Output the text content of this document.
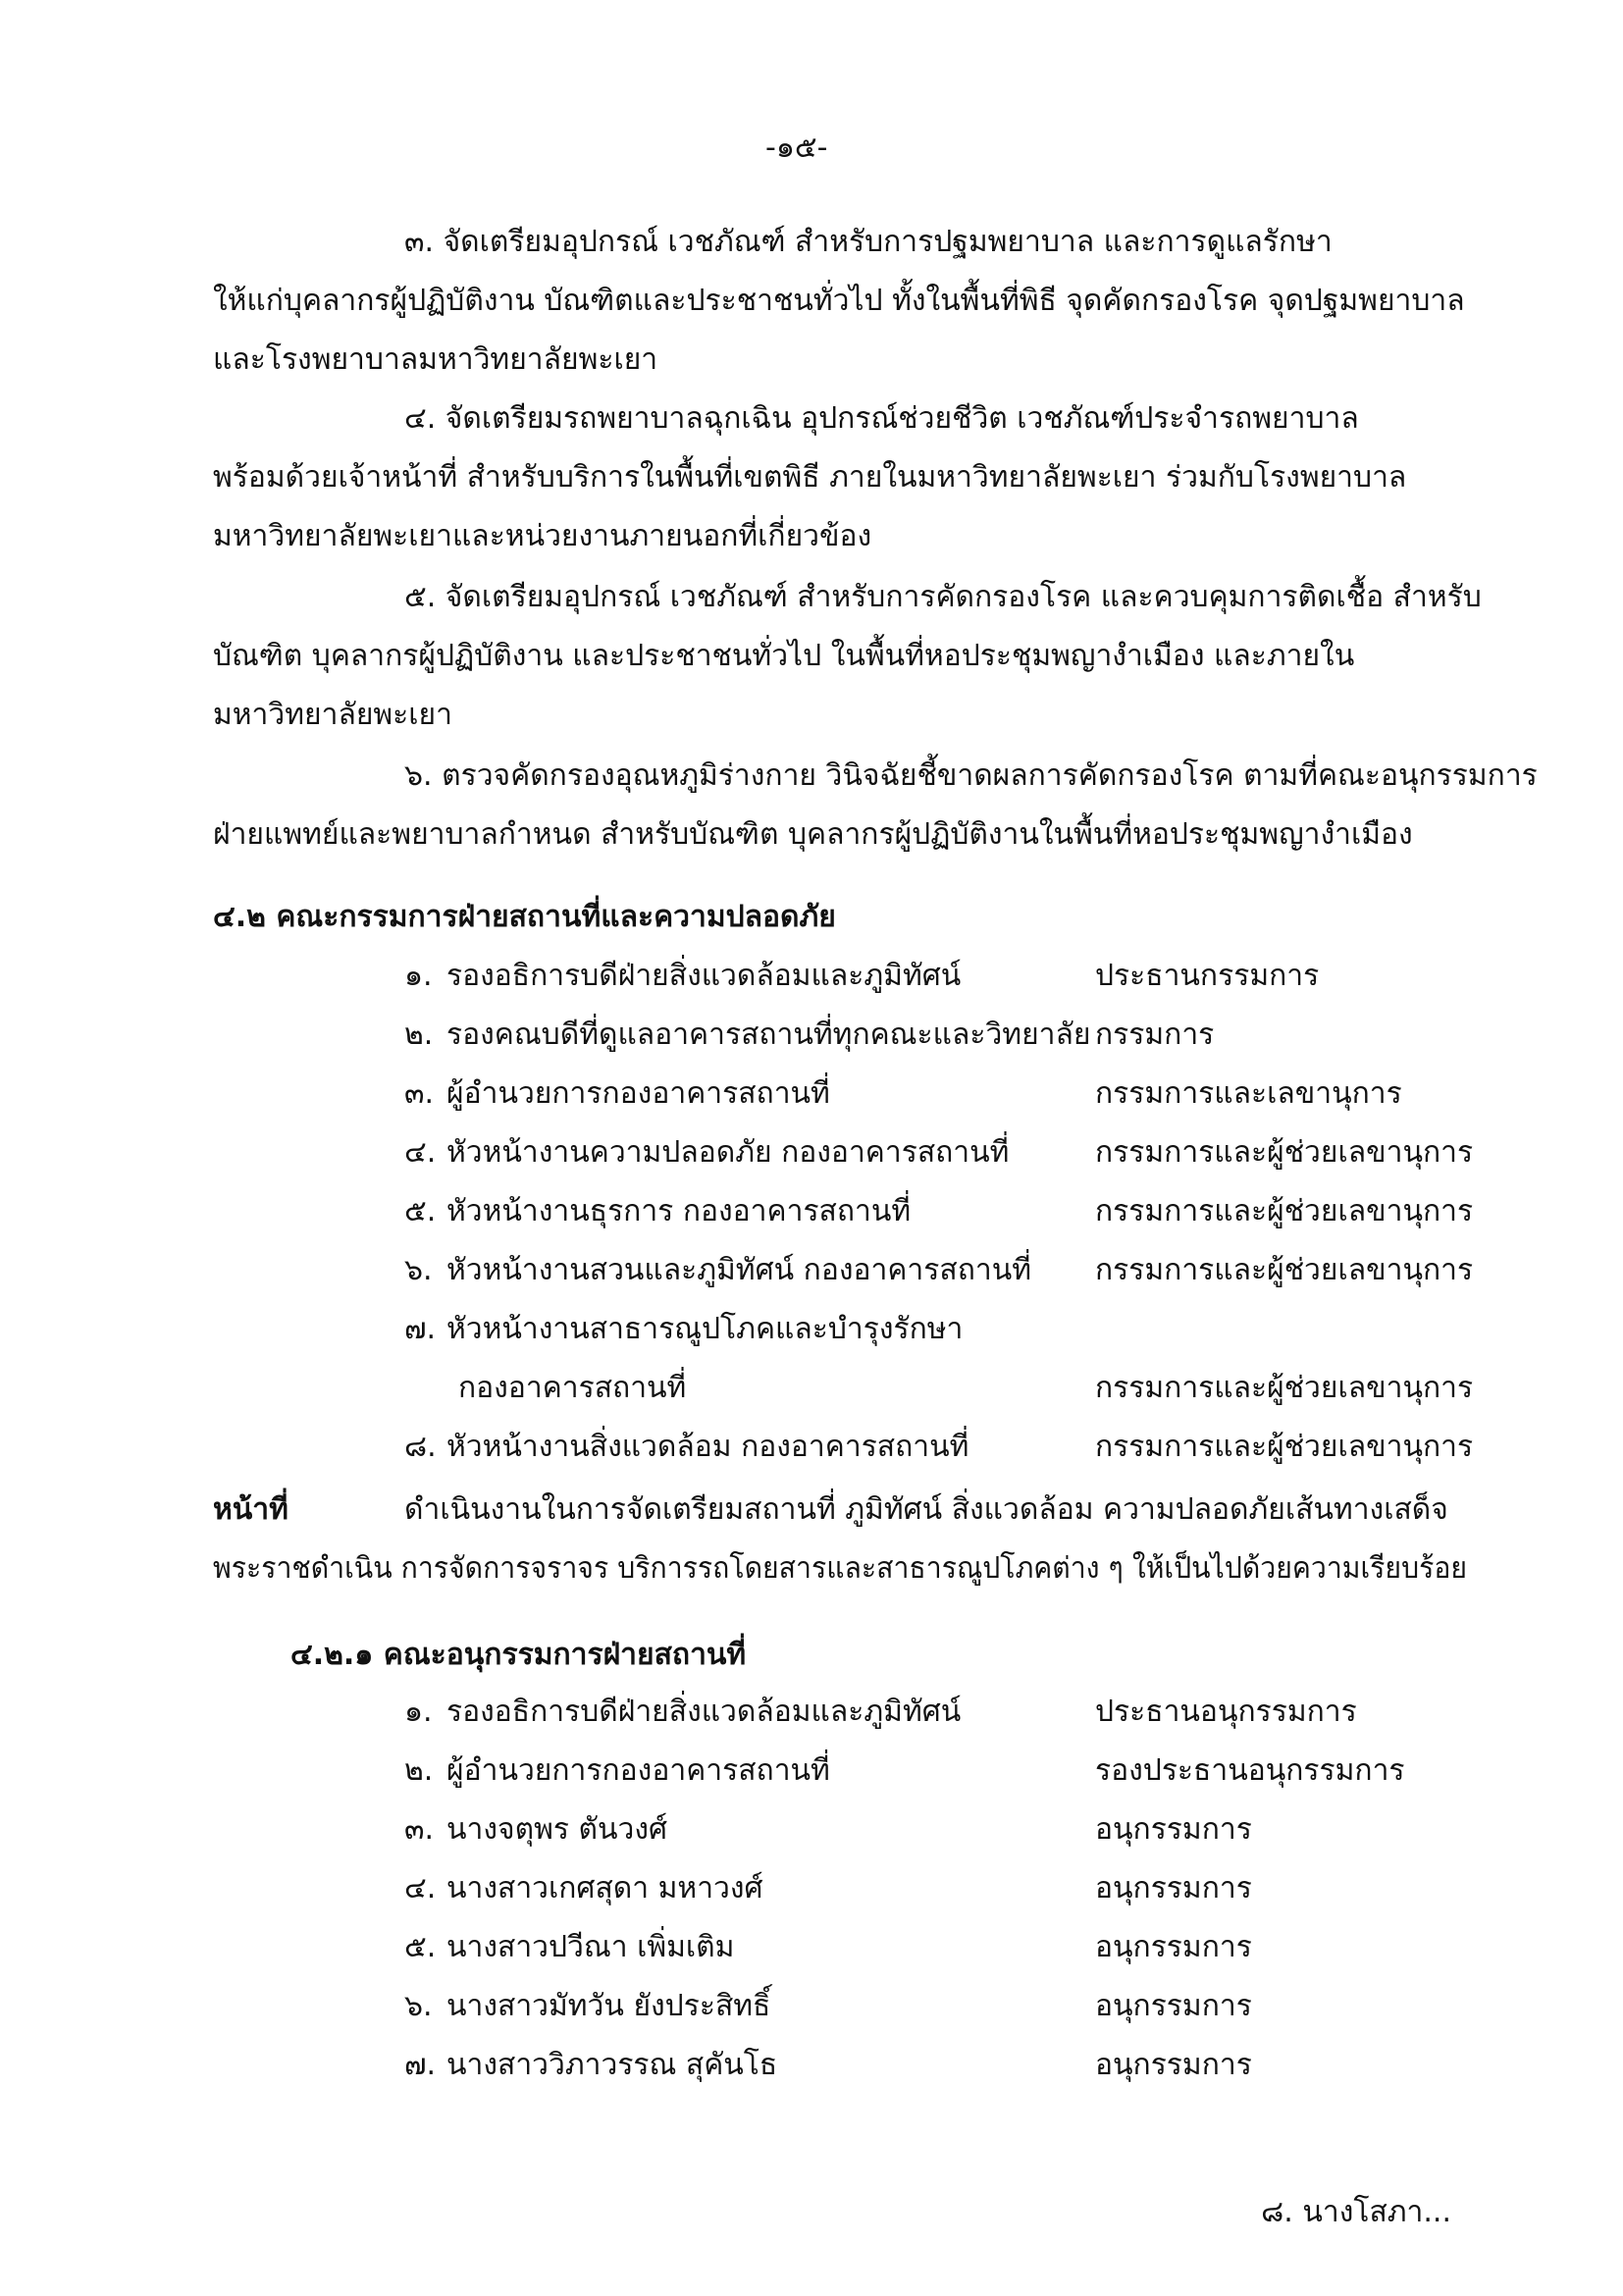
-๑๕-
๓. จัดเตรียมอุปกรณ์ เวชภัณฑ์ สำหรับการปฐมพยาบาล และการดูแลรักษา
ให้แก่บุคลากรผู้ปฏิบัติงาน บัณฑิตและประชาชนทั่วไป ทั้งในพื้นที่พิธี จุดคัดกรองโรค จุดปฐมพยาบาล
และโรงพยาบาลมหาวิทยาลัยพะเยา
๔. จัดเตรียมรถพยาบาลฉุกเฉิน อุปกรณ์ช่วยชีวิต เวชภัณฑ์ประจำรถพยาบาล
พร้อมด้วยเจ้าหน้าที่ สำหรับบริการในพื้นที่เขตพิธี ภายในมหาวิทยาลัยพะเยา ร่วมกับโรงพยาบาล
มหาวิทยาลัยพะเยาและหน่วยงานภายนอกที่เกี่ยวข้อง
๕. จัดเตรียมอุปกรณ์ เวชภัณฑ์ สำหรับการคัดกรองโรค และควบคุมการติดเชื้อ สำหรับ
บัณฑิต บุคลากรผู้ปฏิบัติงาน และประชาชนทั่วไป ในพื้นที่หอประชุมพญางำเมือง และภายใน
มหาวิทยาลัยพะเยา
๖. ตรวจคัดกรองอุณหภูมิร่างกาย วินิจฉัยชี้ขาดผลการคัดกรองโรค ตามที่คณะอนุกรรมการ
ฝ่ายแพทย์และพยาบาลกำหนด สำหรับบัณฑิต บุคลากรผู้ปฏิบัติงานในพื้นที่หอประชุมพญางำเมือง
๔.๒ คณะกรรมการฝ่ายสถานที่และความปลอดภัย
๑. รองอธิการบดีฝ่ายสิ่งแวดล้อมและภูมิทัศน์	ประธานกรรมการ
๒. รองคณบดีที่ดูแลอาคารสถานที่ทุกคณะและวิทยาลัย กรรมการ
๓. ผู้อำนวยการกองอาคารสถานที่	กรรมการและเลขานุการ
๔. หัวหน้างานความปลอดภัย กองอาคารสถานที่	กรรมการและผู้ช่วยเลขานุการ
๕. หัวหน้างานธุรการ กองอาคารสถานที่	กรรมการและผู้ช่วยเลขานุการ
๖. หัวหน้างานสวนและภูมิทัศน์ กองอาคารสถานที่ กรรมการและผู้ช่วยเลขานุการ
๗. หัวหน้างานสาธารณูปโภคและบำรุงรักษา
กองอาคารสถานที่	กรรมการและผู้ช่วยเลขานุการ
๘. หัวหน้างานสิ่งแวดล้อม กองอาคารสถานที่	กรรมการและผู้ช่วยเลขานุการ
หน้าที่	ดำเนินงานในการจัดเตรียมสถานที่ ภูมิทัศน์ สิ่งแวดล้อม ความปลอดภัยเส้นทางเสด็จ
พระราชดำเนิน การจัดการจราจร บริการรถโดยสารและสาธารณูปโภคต่าง ๆ ให้เป็นไปด้วยความเรียบร้อย
๔.๒.๑ คณะอนุกรรมการฝ่ายสถานที่
๑. รองอธิการบดีฝ่ายสิ่งแวดล้อมและภูมิทัศน์	ประธานอนุกรรมการ
๒. ผู้อำนวยการกองอาคารสถานที่	รองประธานอนุกรรมการ
๓. นางจตุพร ตันวงศ์	อนุกรรมการ
๔. นางสาวเกศสุดา มหาวงศ์	อนุกรรมการ
๕. นางสาวปวีณา เพิ่มเติม	อนุกรรมการ
๖. นางสาวมัทวัน ยังประสิทธิ์	อนุกรรมการ
๗. นางสาววิภาวรรณ สุคันโธ	อนุกรรมการ
๘. นางโสภา...
